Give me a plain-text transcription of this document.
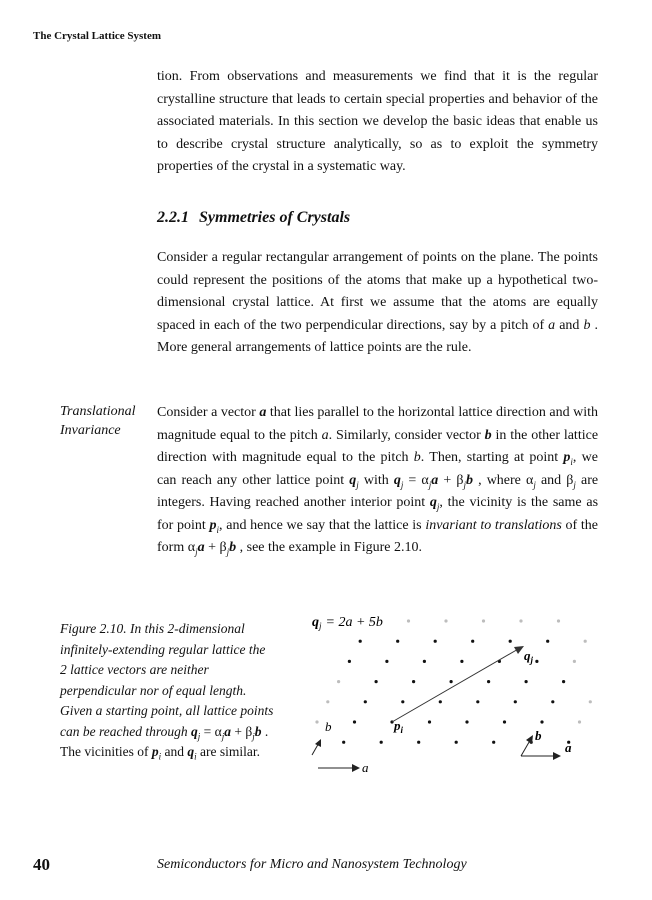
The Crystal Lattice System
tion. From observations and measurements we find that it is the regular crystalline structure that leads to certain special properties and behavior of the associated materials. In this section we develop the basic ideas that enable us to describe crystal structure analytically, so as to exploit the symmetry properties of the crystal in a systematic way.
2.2.1 Symmetries of Crystals
Consider a regular rectangular arrangement of points on the plane. The points could represent the positions of the atoms that make up a hypothetical two-dimensional crystal lattice. At first we assume that the atoms are equally spaced in each of the two perpendicular directions, say by a pitch of a and b . More general arrangements of lattice points are the rule.
Translational
Invariance
Consider a vector a that lies parallel to the horizontal lattice direction and with magnitude equal to the pitch a. Similarly, consider vector b in the other lattice direction with magnitude equal to the pitch b. Then, starting at point $p_i$, we can reach any other lattice point $q_j$ with $q_j = \alpha_ja + \beta_jb$ , where $\alpha_j$ and $\beta_j$ are integers. Having reached another interior point $q_j$, the vicinity is the same as for point $p_i$, and hence we say that the lattice is invariant to translations of the form $\alpha_ja + \beta_jb$ , see the example in Figure 2.10.
Figure 2.10. In this 2-dimensional infinitely-extending regular lattice the 2 lattice vectors are neither perpendicular nor of equal length. Given a starting point, all lattice points can be reached through $q_j = \alpha_ja + \beta_jb$ . The vicinities of $p_i$ and $q_i$ are similar.
$q_j = 2a + 5b$
$q_j$
$p_i$
b
a
b
a
40	Semiconductors for Micro and Nanosystem Technology
